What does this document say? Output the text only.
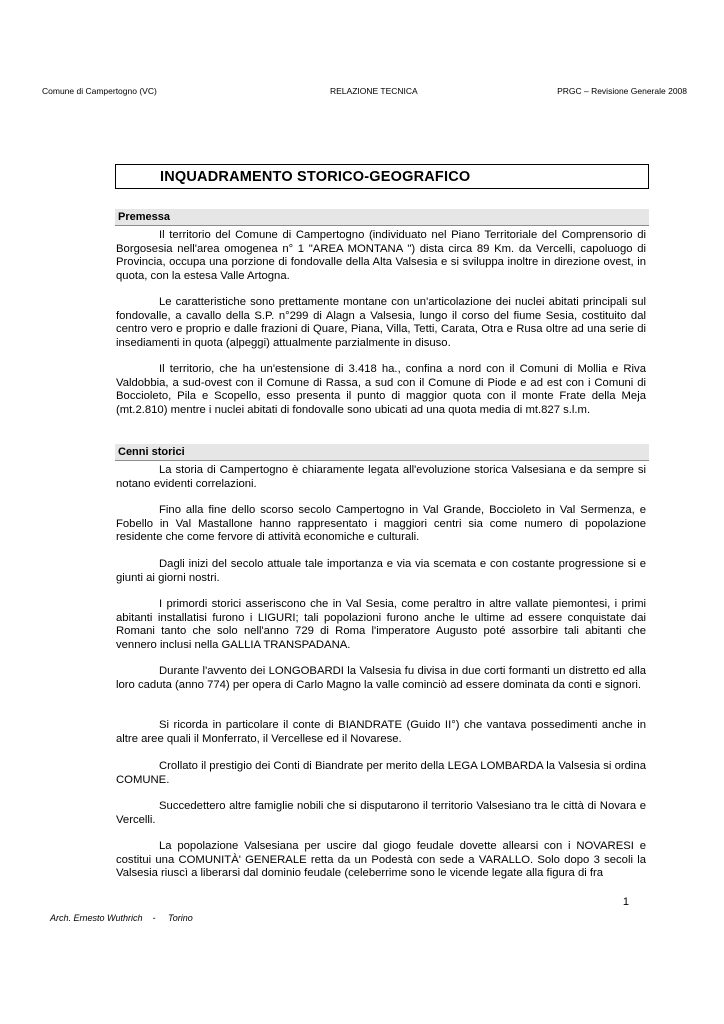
Comune di Campertogno (VC)	RELAZIONE TECNICA	PRGC – Revisione Generale 2008
INQUADRAMENTO STORICO-GEOGRAFICO
Premessa

Il territorio del Comune di Campertogno (individuato nel Piano Territoriale del Comprensorio di Borgosesia nell'area omogenea n° 1 "AREA MONTANA ") dista circa 89 Km. da Vercelli, capoluogo di Provincia, occupa una porzione di fondovalle della Alta Valsesia e si sviluppa inoltre in direzione ovest, in quota, con la estesa Valle Artogna.

Le caratteristiche sono prettamente montane con un'articolazione dei nuclei abitati principali sul fondovalle, a cavallo della S.P. n°299 di Alagn a Valsesia, lungo il corso del fiume Sesia, costituito dal centro vero e proprio e dalle frazioni di Quare, Piana, Villa, Tetti, Carata, Otra e Rusa oltre ad una serie di insediamenti in quota (alpeggi) attualmente parzialmente in disuso.

Il territorio, che ha un'estensione di 3.418 ha., confina a nord con il Comuni di Mollia e Riva Valdobbia, a sud-ovest con il Comune di Rassa, a sud con il Comune di Piode e ad est con i Comuni di Boccioleto, Pila e Scopello, esso presenta il punto di maggior quota con il monte Frate della Meja (mt.2.810) mentre i nuclei abitati di fondovalle sono ubicati ad una quota media di mt.827 s.l.m.

Cenni storici

La storia di Campertogno è chiaramente legata all'evoluzione storica Valsesiana e da sempre si notano evidenti correlazioni.

Fino alla fine dello scorso secolo Campertogno in Val Grande, Boccioleto in Val Sermenza, e Fobello in Val Mastallone hanno rappresentato i maggiori centri sia come numero di popolazione residente che come fervore di attività economiche e culturali.

Dagli inizi del secolo attuale tale importanza e via via scemata e con costante progressione si e giunti ai giorni nostri.

I primordi storici asseriscono che in Val Sesia, come peraltro in altre vallate piemontesi, i primi abitanti installatisi furono i LIGURI; tali popolazioni furono anche le ultime ad essere conquistate dai Romani tanto che solo nell'anno 729 di Roma l'imperatore Augusto poté assorbire tali abitanti che vennero inclusi nella GALLIA TRANSPADANA.

Durante l'avvento dei LONGOBARDI la Valsesia fu divisa in due corti formanti un distretto ed alla loro caduta (anno 774) per opera di Carlo Magno la valle cominciò ad essere dominata da conti e signori.

Si ricorda in particolare il conte di BIANDRATE (Guido II°) che vantava possedimenti anche in altre aree quali il Monferrato, il Vercellese ed il Novarese.

Crollato il prestigio dei Conti di Biandrate per merito della LEGA LOMBARDA la Valsesia si ordina COMUNE.

Succedettero altre famiglie nobili che si disputarono il territorio Valsesiano tra le città di Novara e Vercelli.

La popolazione Valsesiana per uscire dal giogo feudale dovette allearsi con i NOVARESI e costitui una COMUNITÀ' GENERALE retta da un Podestà con sede a VARALLO. Solo dopo 3 secoli la Valsesia riuscì a liberarsi dal dominio feudale (celeberrime sono le vicende legate alla figura di fra

1
Arch. Ernesto Wuthrich    -     Torino
